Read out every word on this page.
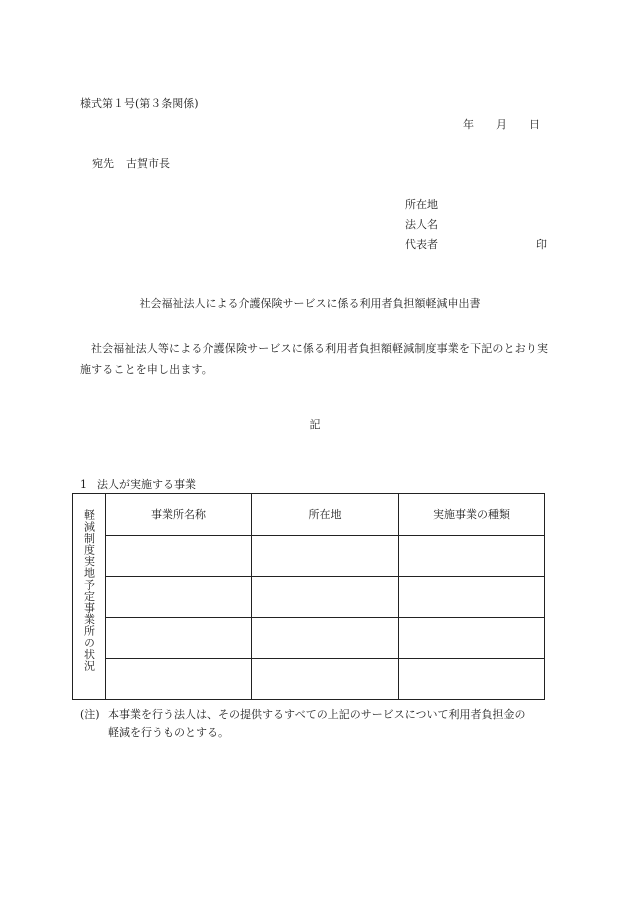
様式第１号(第３条関係)
年 月 日
宛先 古賀市長
所在地
法人名
代表者	印
社会福祉法人による介護保険サービスに係る利用者負担額軽減申出書
社会福祉法人等による介護保険サービスに係る利用者負担額軽減制度事業を下記のとおり実施することを申し出ます。
記
1 法人が実施する事業
軽減制度実地予定事業所の状況	事業所名称	所在地	実施事業の種類

(注) 本事業を行う法人は、その提供するすべての上記のサービスについて利用者負担金の
軽減を行うものとする。
